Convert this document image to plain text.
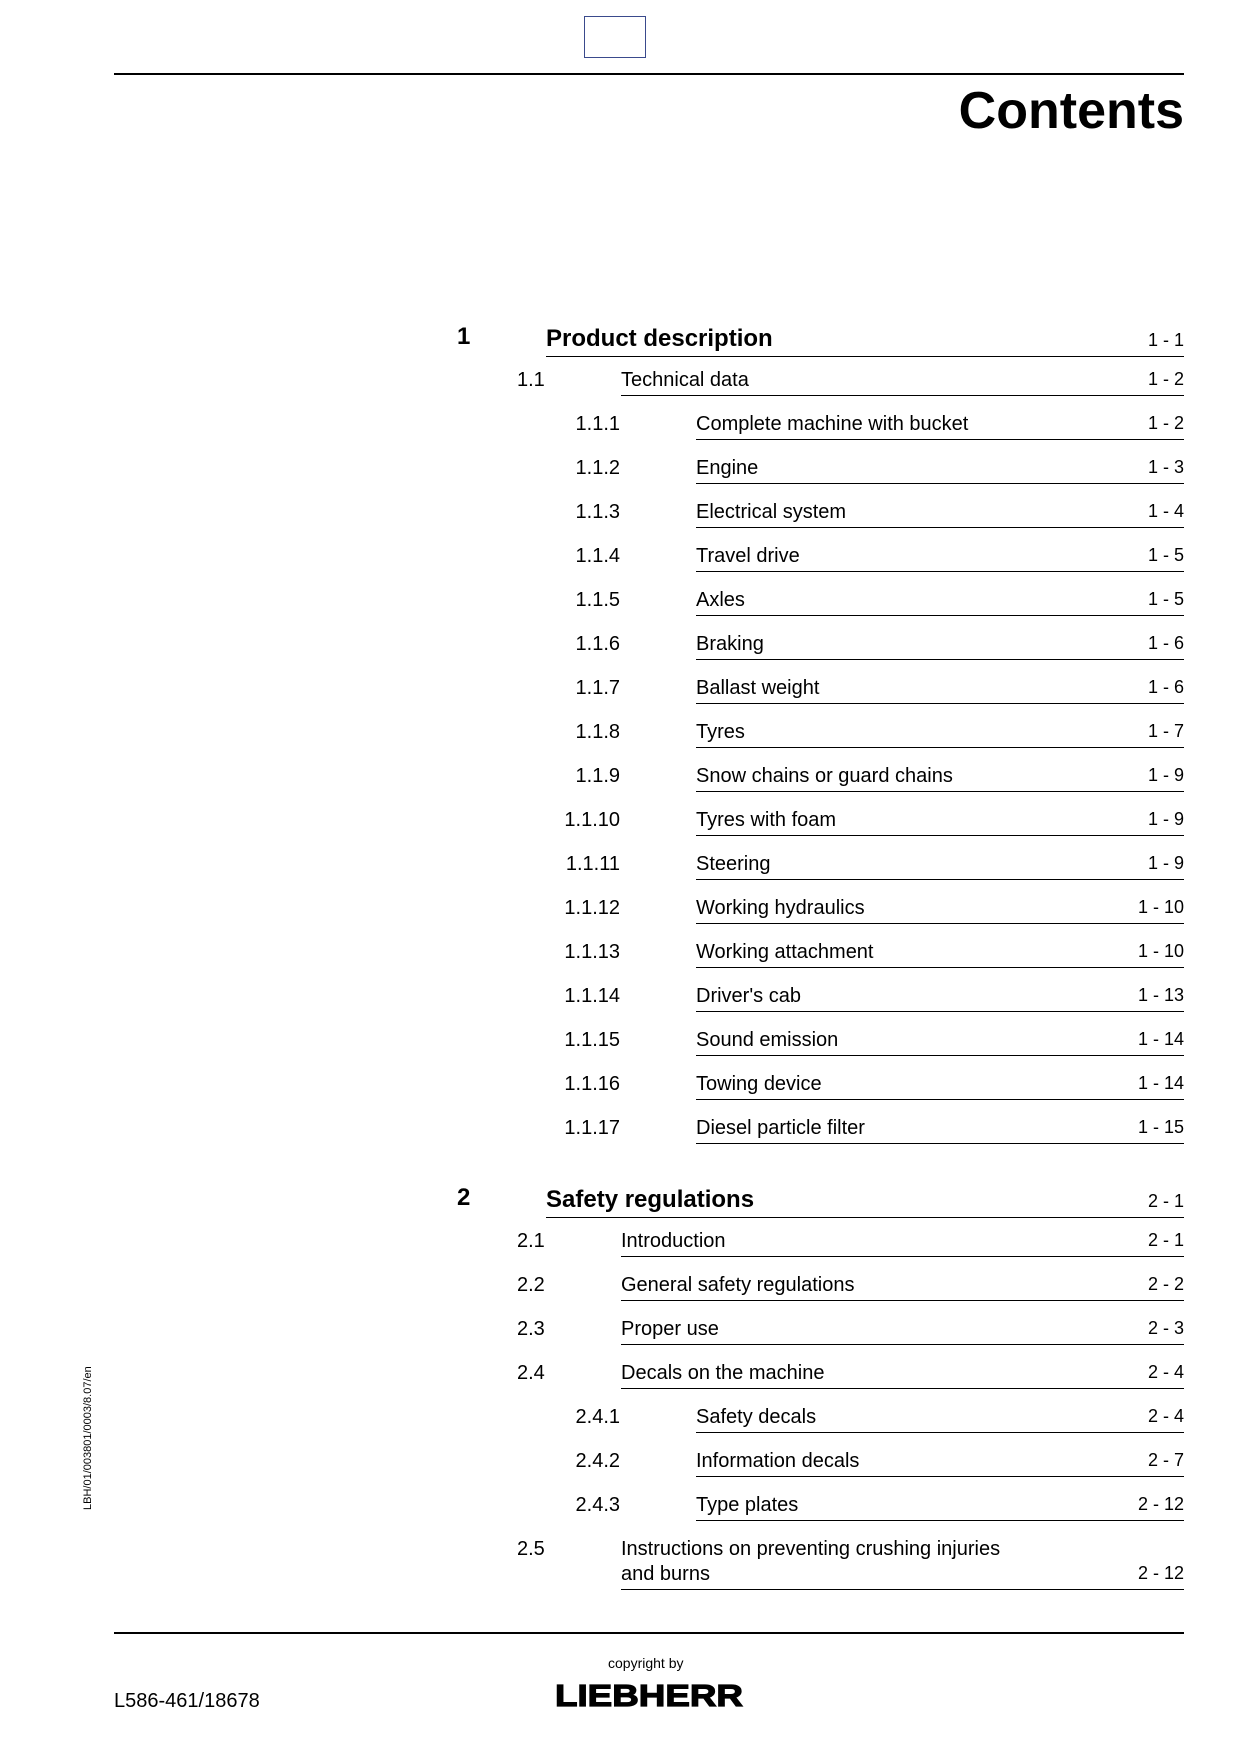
Contents
1	Product description	1 - 1
1.1	Technical data	1 - 2
1.1.1	Complete machine with bucket	1 - 2
1.1.2	Engine	1 - 3
1.1.3	Electrical system	1 - 4
1.1.4	Travel drive	1 - 5
1.1.5	Axles	1 - 5
1.1.6	Braking	1 - 6
1.1.7	Ballast weight	1 - 6
1.1.8	Tyres	1 - 7
1.1.9	Snow chains or guard chains	1 - 9
1.1.10	Tyres with foam	1 - 9
1.1.11	Steering	1 - 9
1.1.12	Working hydraulics	1 - 10
1.1.13	Working attachment	1 - 10
1.1.14	Driver's cab	1 - 13
1.1.15	Sound emission	1 - 14
1.1.16	Towing device	1 - 14
1.1.17	Diesel particle filter	1 - 15
2	Safety regulations	2 - 1
2.1	Introduction	2 - 1
2.2	General safety regulations	2 - 2
2.3	Proper use	2 - 3
2.4	Decals on the machine	2 - 4
2.4.1	Safety decals	2 - 4
2.4.2	Information decals	2 - 7
2.4.3	Type plates	2 - 12
2.5	Instructions on preventing crushing injuries and burns	2 - 12
LBH/01/003801/0003/8.07/en
L586-461/18678
copyright by
LIEBHERR
